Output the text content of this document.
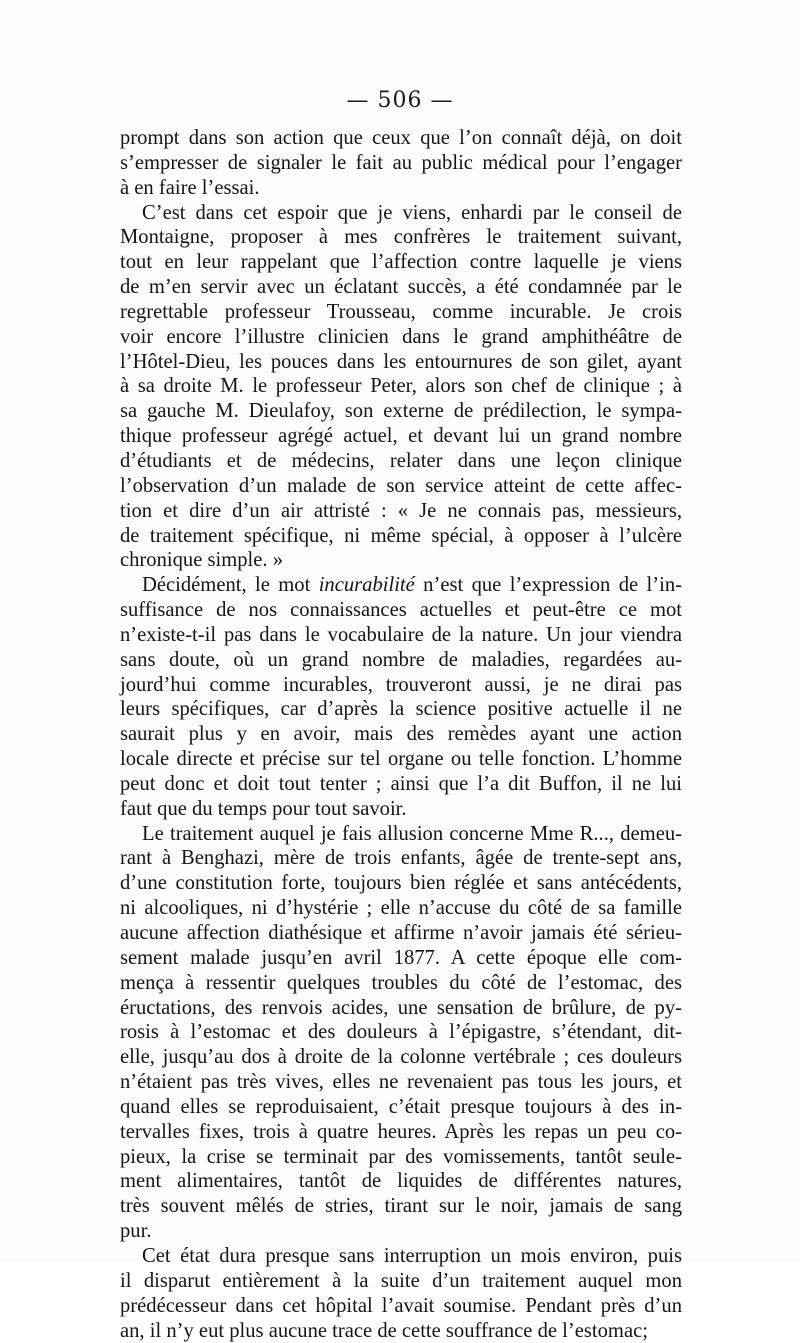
— 506 —
prompt dans son action que ceux que l’on connaît déjà, on doit
s’empresser de signaler le fait au public médical pour l’engager
à en faire l’essai.
C’est dans cet espoir que je viens, enhardi par le conseil de
Montaigne, proposer à mes confrères le traitement suivant,
tout en leur rappelant que l’affection contre laquelle je viens
de m’en servir avec un éclatant succès, a été condamnée par le
regrettable professeur Trousseau, comme incurable. Je crois
voir encore l’illustre clinicien dans le grand amphithéâtre de
l’Hôtel-Dieu, les pouces dans les entournures de son gilet, ayant
à sa droite M. le professeur Peter, alors son chef de clinique ; à
sa gauche M. Dieulafoy, son externe de prédilection, le sympa-
thique professeur agrégé actuel, et devant lui un grand nombre
d’étudiants et de médecins, relater dans une leçon clinique
l’observation d’un malade de son service atteint de cette affec-
tion et dire d’un air attristé : « Je ne connais pas, messieurs,
de traitement spécifique, ni même spécial, à opposer à l’ulcère
chronique simple. »
Décidément, le mot incurabilité n’est que l’expression de l’in-
suffisance de nos connaissances actuelles et peut-être ce mot
n’existe-t-il pas dans le vocabulaire de la nature. Un jour viendra
sans doute, où un grand nombre de maladies, regardées au-
jourd’hui comme incurables, trouveront aussi, je ne dirai pas
leurs spécifiques, car d’après la science positive actuelle il ne
saurait plus y en avoir, mais des remèdes ayant une action
locale directe et précise sur tel organe ou telle fonction. L’homme
peut donc et doit tout tenter ; ainsi que l’a dit Buffon, il ne lui
faut que du temps pour tout savoir.
Le traitement auquel je fais allusion concerne Mme R..., demeu-
rant à Benghazi, mère de trois enfants, âgée de trente-sept ans,
d’une constitution forte, toujours bien réglée et sans antécédents,
ni alcooliques, ni d’hystérie ; elle n’accuse du côté de sa famille
aucune affection diathésique et affirme n’avoir jamais été sérieu-
sement malade jusqu’en avril 1877. A cette époque elle com-
mença à ressentir quelques troubles du côté de l’estomac, des
éructations, des renvois acides, une sensation de brûlure, de py-
rosis à l’estomac et des douleurs à l’épigastre, s’étendant, dit-
elle, jusqu’au dos à droite de la colonne vertébrale ; ces douleurs
n’étaient pas très vives, elles ne revenaient pas tous les jours, et
quand elles se reproduisaient, c’était presque toujours à des in-
tervalles fixes, trois à quatre heures. Après les repas un peu co-
pieux, la crise se terminait par des vomissements, tantôt seule-
ment alimentaires, tantôt de liquides de différentes natures,
très souvent mêlés de stries, tirant sur le noir, jamais de sang
pur.
Cet état dura presque sans interruption un mois environ, puis
il disparut entièrement à la suite d’un traitement auquel mon
prédécesseur dans cet hôpital l’avait soumise. Pendant près d’un
an, il n’y eut plus aucune trace de cette souffrance de l’estomac;
